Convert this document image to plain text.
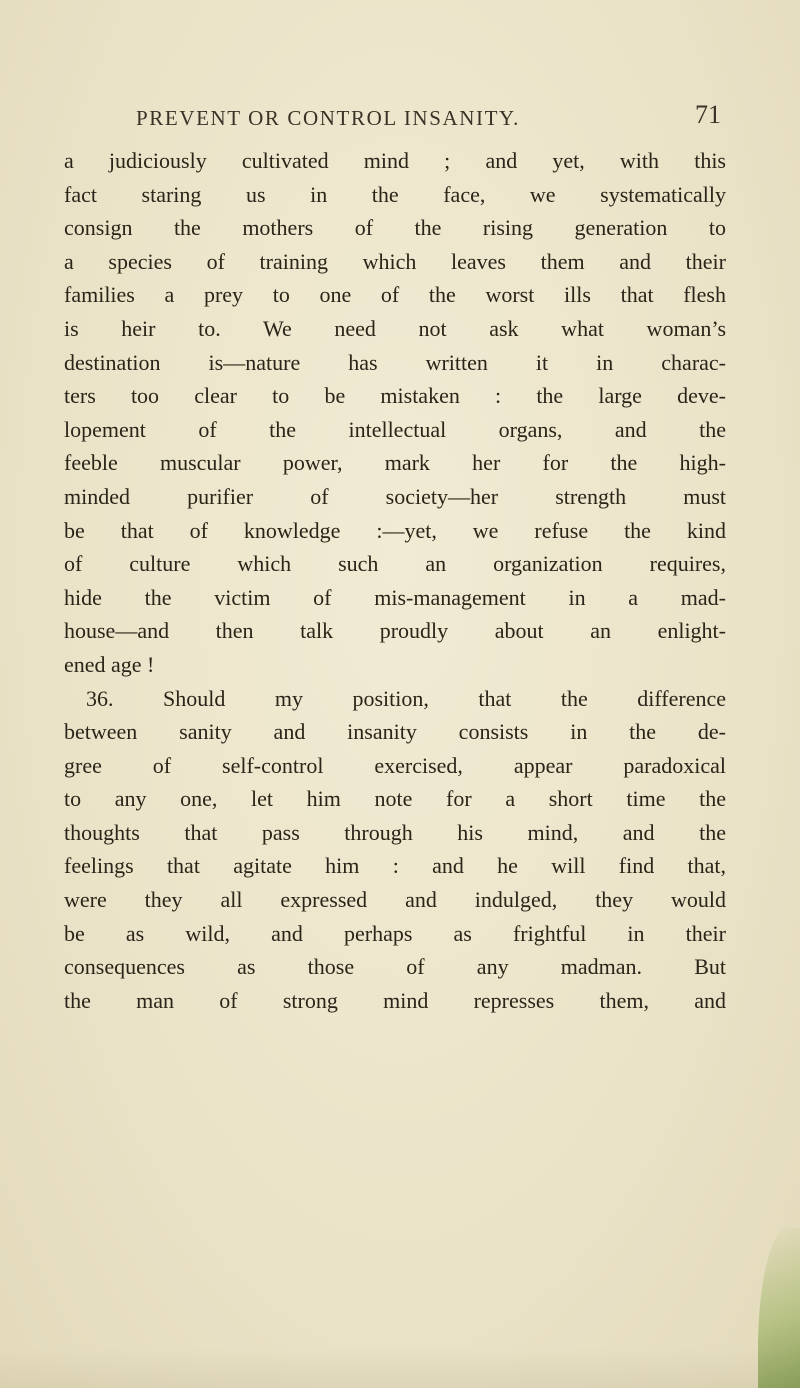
PREVENT OR CONTROL INSANITY.	71
a judiciously cultivated mind ; and yet, with this
fact staring us in the face, we systematically
consign the mothers of the rising generation to
a species of training which leaves them and their
families a prey to one of the worst ills that flesh
is heir to. We need not ask what woman’s
destination is—nature has written it in charac-
ters too clear to be mistaken : the large deve-
lopement of the intellectual organs, and the
feeble muscular power, mark her for the high-
minded purifier of society—her strength must
be that of knowledge :—yet, we refuse the kind
of culture which such an organization requires,
hide the victim of mis-management in a mad-
house—and then talk proudly about an enlight-
ened age !
36. Should my position, that the difference
between sanity and insanity consists in the de-
gree of self-control exercised, appear paradoxical
to any one, let him note for a short time the
thoughts that pass through his mind, and the
feelings that agitate him : and he will find that,
were they all expressed and indulged, they would
be as wild, and perhaps as frightful in their
consequences as those of any madman. But
the man of strong mind represses them, and
